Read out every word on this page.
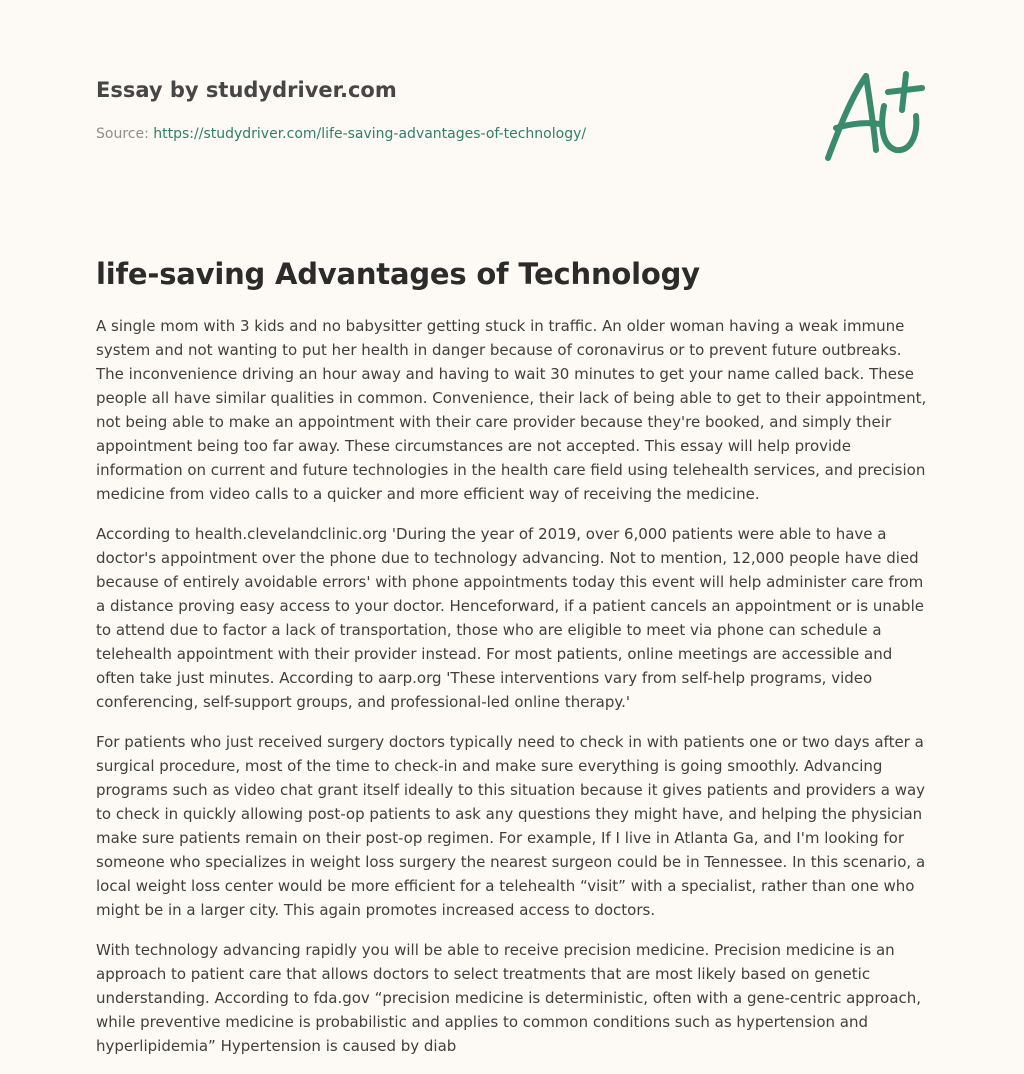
Essay by studydriver.com
Source: https://studydriver.com/life-saving-advantages-of-technology/
life-saving Advantages of Technology

A single mom with 3 kids and no babysitter getting stuck in traffic. An older woman having a weak immune system and not wanting to put her health in danger because of coronavirus or to prevent future outbreaks. The inconvenience driving an hour away and having to wait 30 minutes to get your name called back. These people all have similar qualities in common. Convenience, their lack of being able to get to their appointment, not being able to make an appointment with their care provider because they're booked, and simply their appointment being too far away. These circumstances are not accepted. This essay will help provide information on current and future technologies in the health care field using telehealth services, and precision medicine from video calls to a quicker and more efficient way of receiving the medicine.

According to health.clevelandclinic.org 'During the year of 2019, over 6,000 patients were able to have a doctor's appointment over the phone due to technology advancing. Not to mention, 12,000 people have died because of entirely avoidable errors' with phone appointments today this event will help administer care from a distance proving easy access to your doctor. Henceforward, if a patient cancels an appointment or is unable to attend due to factor a lack of transportation, those who are eligible to meet via phone can schedule a telehealth appointment with their provider instead. For most patients, online meetings are accessible and often take just minutes. According to aarp.org 'These interventions vary from self-help programs, video conferencing, self-support groups, and professional-led online therapy.'

For patients who just received surgery doctors typically need to check in with patients one or two days after a surgical procedure, most of the time to check-in and make sure everything is going smoothly. Advancing programs such as video chat grant itself ideally to this situation because it gives patients and providers a way to check in quickly allowing post-op patients to ask any questions they might have, and helping the physician make sure patients remain on their post-op regimen. For example, If I live in Atlanta Ga, and I'm looking for someone who specializes in weight loss surgery the nearest surgeon could be in Tennessee. In this scenario, a local weight loss center would be more efficient for a telehealth “visit” with a specialist, rather than one who might be in a larger city. This again promotes increased access to doctors.

With technology advancing rapidly you will be able to receive precision medicine. Precision medicine is an approach to patient care that allows doctors to select treatments that are most likely based on genetic understanding. According to fda.gov “precision medicine is deterministic, often with a gene-centric approach, while preventive medicine is probabilistic and applies to common conditions such as hypertension and hyperlipidemia” Hypertension is caused by diab
